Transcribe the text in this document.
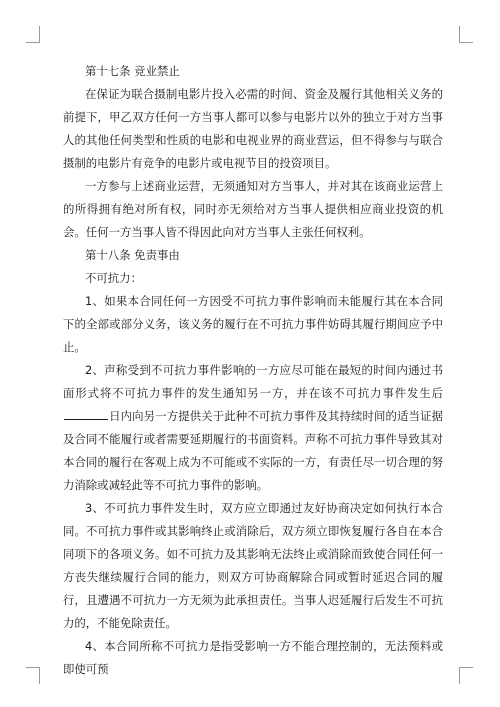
第十七条 竞业禁止

在保证为联合摄制电影片投入必需的时间、资金及履行其他相关义务的前提下，甲乙双方任何一方当事人都可以参与电影片以外的独立于对方当事人的其他任何类型和性质的电影和电视业界的商业营运，但不得参与与联合摄制的电影片有竞争的电影片或电视节目的投资项目。

一方参与上述商业运营，无须通知对方当事人，并对其在该商业运营上的所得拥有绝对所有权，同时亦无须给对方当事人提供相应商业投资的机会。任何一方当事人皆不得因此向对方当事人主张任何权利。

第十八条 免责事由

不可抗力：

1、如果本合同任何一方因受不可抗力事件影响而未能履行其在本合同下的全部或部分义务，该义务的履行在不可抗力事件妨碍其履行期间应予中止。

2、声称受到不可抗力事件影响的一方应尽可能在最短的时间内通过书面形式将不可抗力事件的发生通知另一方，并在该不可抗力事件发生后日内向另一方提供关于此种不可抗力事件及其持续时间的适当证据及合同不能履行或者需要延期履行的书面资料。声称不可抗力事件导致其对本合同的履行在客观上成为不可能或不实际的一方，有责任尽一切合理的努力消除或减轻此等不可抗力事件的影响。

3、不可抗力事件发生时，双方应立即通过友好协商决定如何执行本合同。不可抗力事件或其影响终止或消除后，双方须立即恢复履行各自在本合同项下的各项义务。如不可抗力及其影响无法终止或消除而致使合同任何一方丧失继续履行合同的能力，则双方可协商解除合同或暂时延迟合同的履行，且遭遇不可抗力一方无须为此承担责任。当事人迟延履行后发生不可抗力的，不能免除责任。

4、本合同所称不可抗力是指受影响一方不能合理控制的，无法预料或即使可预
